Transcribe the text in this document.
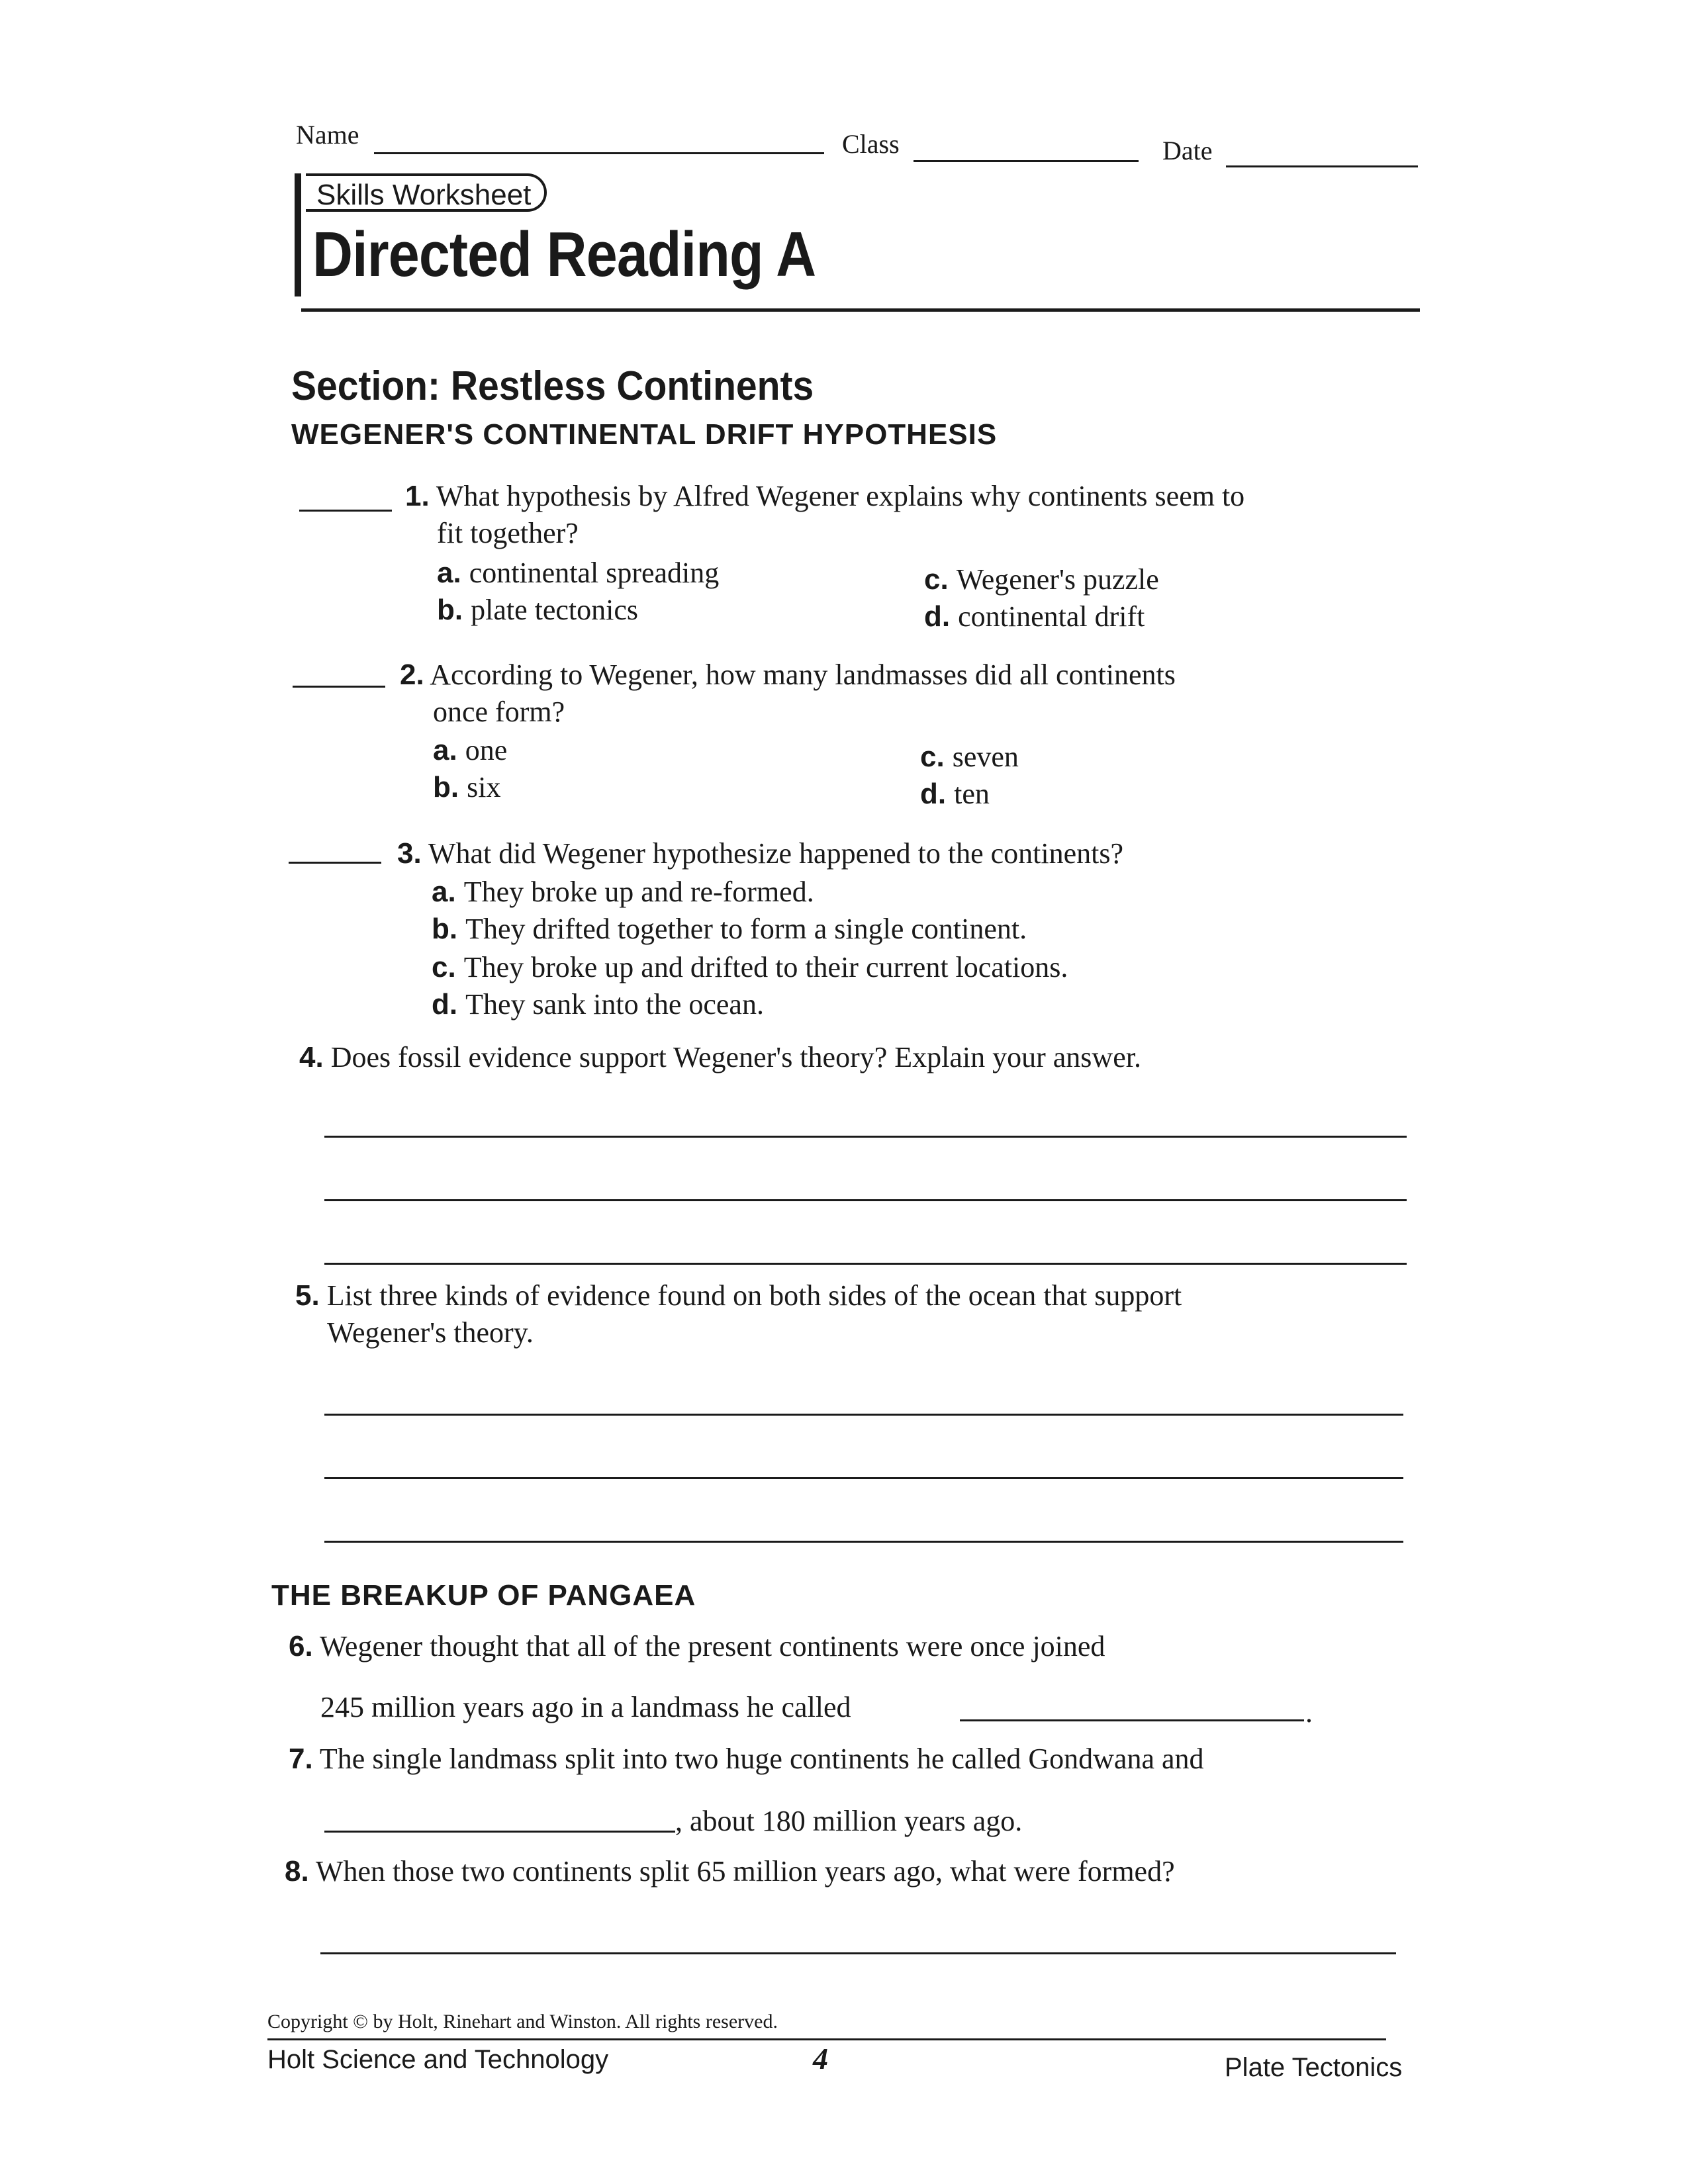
Name	Class	Date
Skills Worksheet
Directed Reading A
Section: Restless Continents
WEGENER'S CONTINENTAL DRIFT HYPOTHESIS
1. What hypothesis by Alfred Wegener explains why continents seem to
fit together?
a. continental spreading
b. plate tectonics
c. Wegener's puzzle
d. continental drift
2. According to Wegener, how many landmasses did all continents
once form?
a. one
b. six
c. seven
d. ten
3. What did Wegener hypothesize happened to the continents?
a. They broke up and re-formed.
b. They drifted together to form a single continent.
c. They broke up and drifted to their current locations.
d. They sank into the ocean.
4. Does fossil evidence support Wegener's theory? Explain your answer.
5. List three kinds of evidence found on both sides of the ocean that support
Wegener's theory.
THE BREAKUP OF PANGAEA
6. Wegener thought that all of the present continents were once joined
245 million years ago in a landmass he called	.
7. The single landmass split into two huge continents he called Gondwana and
, about 180 million years ago.
8. When those two continents split 65 million years ago, what were formed?
Copyright © by Holt, Rinehart and Winston. All rights reserved.
Holt Science and Technology	4	Plate Tectonics
